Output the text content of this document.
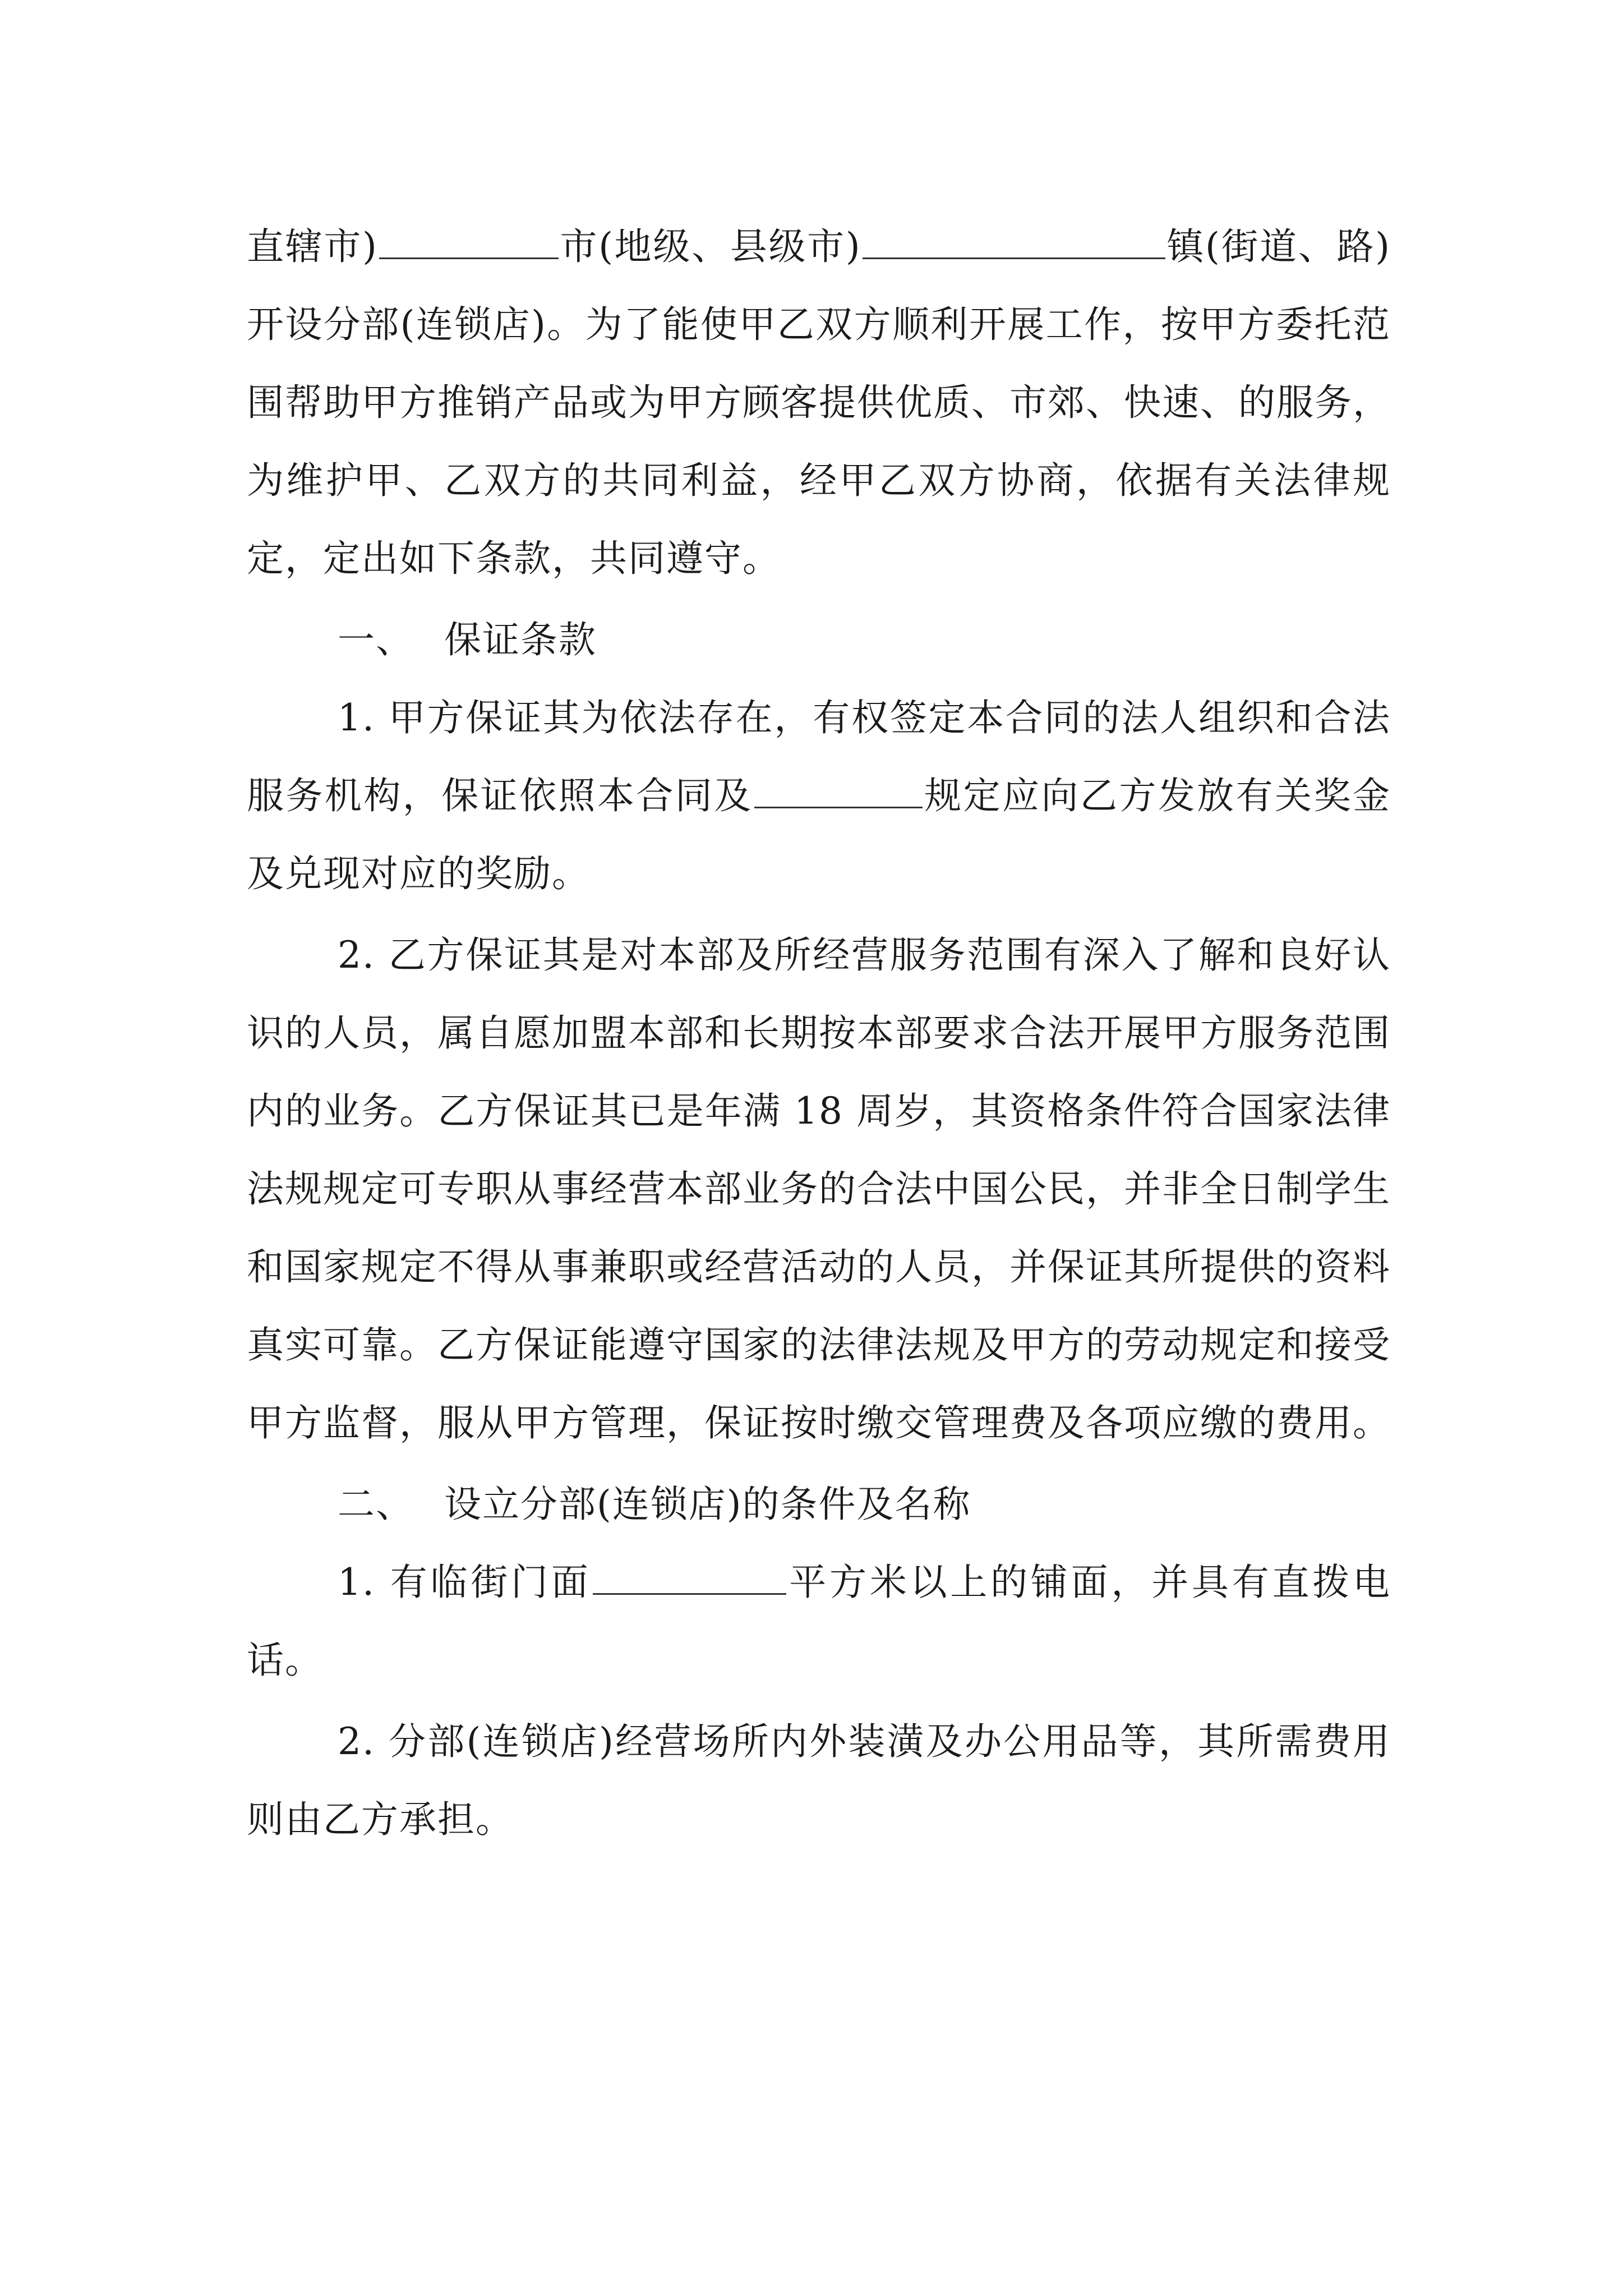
直辖市)	市(地级、县级市)	镇(街道、路)开设分部(连锁店)。为了能使甲乙双方顺利开展工作，按甲方委托范围帮助甲方推销产品或为甲方顾客提供优质、市郊、快速、的服务，为维护甲、乙双方的共同利益，经甲乙双方协商，依据有关法律规定，定出如下条款，共同遵守。

一、 保证条款

1. 甲方保证其为依法存在，有权签定本合同的法人组织和合法服务机构，保证依照本合同及	规定应向乙方发放有关奖金及兑现对应的奖励。

2. 乙方保证其是对本部及所经营服务范围有深入了解和良好认识的人员，属自愿加盟本部和长期按本部要求合法开展甲方服务范围内的业务。乙方保证其已是年满 18 周岁，其资格条件符合国家法律法规规定可专职从事经营本部业务的合法中国公民，并非全日制学生和国家规定不得从事兼职或经营活动的人员，并保证其所提供的资料真实可靠。乙方保证能遵守国家的法律法规及甲方的劳动规定和接受甲方监督，服从甲方管理，保证按时缴交管理费及各项应缴的费用。

二、 设立分部(连锁店)的条件及名称

1. 有临街门面	平方米以上的铺面，并具有直拨电话。

2. 分部(连锁店)经营场所内外装潢及办公用品等，其所需费用则由乙方承担。
